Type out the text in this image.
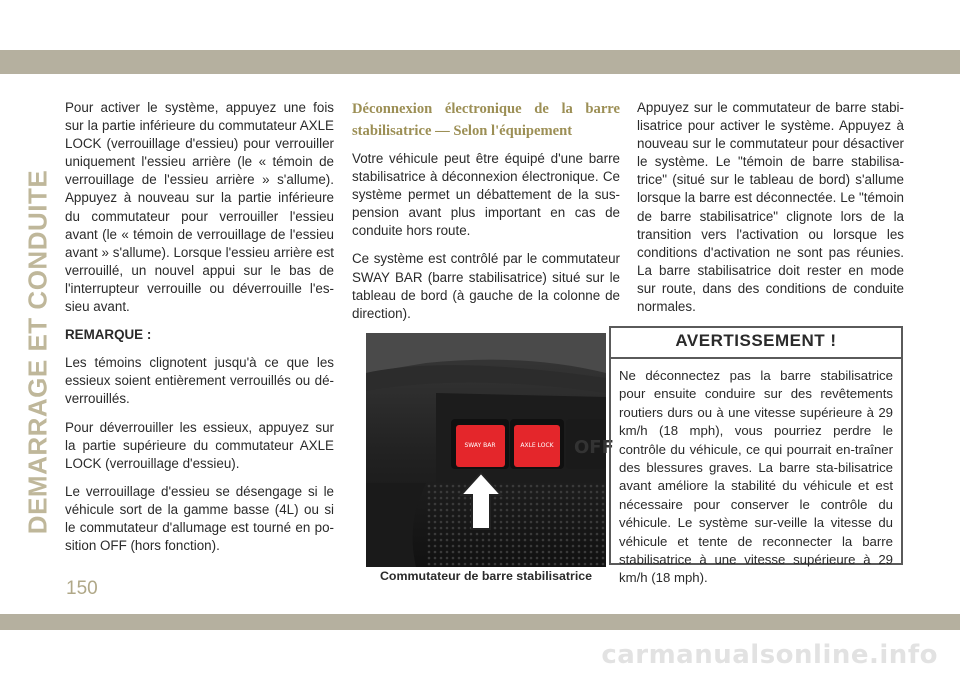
carmanualsonline.info
DEMARRAGE ET CONDUITE
150

Pour activer le système, appuyez une fois sur la partie inférieure du commutateur AXLE LOCK (verrouillage d'essieu) pour verrouiller uniquement l'essieu arrière (le « témoin de verrouillage de l'essieu arrière » s'allume). Appuyez à nouveau sur la partie inférieure du commutateur pour verrouiller l'essieu avant (le « témoin de verrouillage de l'essieu avant » s'allume). Lorsque l'essieu arrière est verrouillé, un nouvel appui sur le bas de l'interrupteur verrouille ou déverrouille l'es-sieu avant.

REMARQUE :

Les témoins clignotent jusqu'à ce que les essieux soient entièrement verrouillés ou dé-verrouillés.

Pour déverrouiller les essieux, appuyez sur la partie supérieure du commutateur AXLE LOCK (verrouillage d'essieu).

Le verrouillage d'essieu se désengage si le véhicule sort de la gamme basse (4L) ou si le commutateur d'allumage est tourné en po-sition OFF (hors fonction).

Déconnexion électronique de la barre stabilisatrice — Selon l'équipement

Votre véhicule peut être équipé d'une barre stabilisatrice à déconnexion électronique. Ce système permet un débattement de la sus-pension avant plus important en cas de conduite hors route.

Ce système est contrôlé par le commutateur SWAY BAR (barre stabilisatrice) situé sur le tableau de bord (à gauche de la colonne de direction).

OFF
SWAY BAR	AXLE LOCK

Commutateur de barre stabilisatrice

Appuyez sur le commutateur de barre stabi-lisatrice pour activer le système. Appuyez à nouveau sur le commutateur pour désactiver le système. Le "témoin de barre stabilisa-trice" (situé sur le tableau de bord) s'allume lorsque la barre est déconnectée. Le "témoin de barre stabilisatrice" clignote lors de la transition vers l'activation ou lorsque les conditions d'activation ne sont pas réunies. La barre stabilisatrice doit rester en mode sur route, dans des conditions de conduite normales.

AVERTISSEMENT !
Ne déconnectez pas la barre stabilisatrice pour ensuite conduire sur des revêtements routiers durs ou à une vitesse supérieure à 29 km/h (18 mph), vous pourriez perdre le contrôle du véhicule, ce qui pourrait en-traîner des blessures graves. La barre sta-bilisatrice avant améliore la stabilité du véhicule et est nécessaire pour conserver le contrôle du véhicule. Le système sur-veille la vitesse du véhicule et tente de reconnecter la barre stabilisatrice à une vitesse supérieure à 29 km/h (18 mph).
